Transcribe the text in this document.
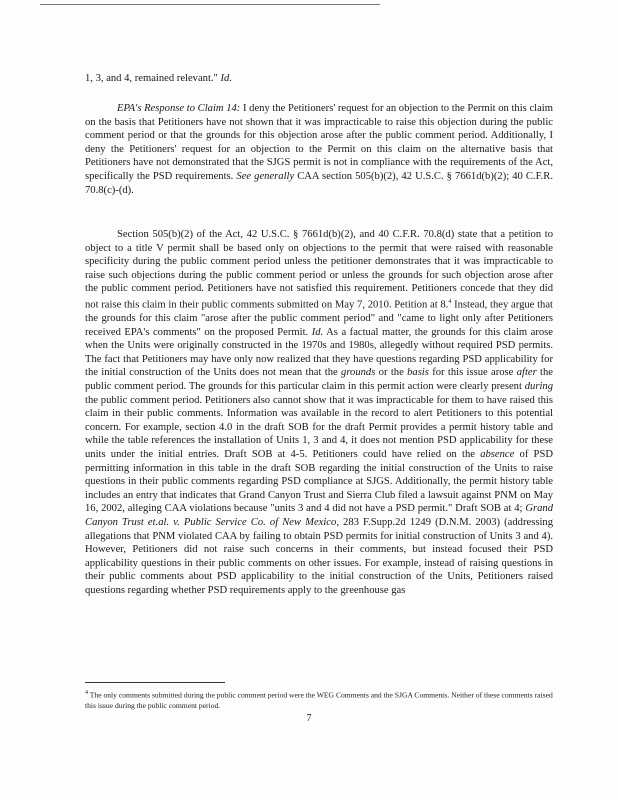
1, 3, and 4, remained relevant." Id.

EPA's Response to Claim 14: I deny the Petitioners' request for an objection to the Permit on this claim on the basis that Petitioners have not shown that it was impracticable to raise this objection during the public comment period or that the grounds for this objection arose after the public comment period. Additionally, I deny the Petitioners' request for an objection to the Permit on this claim on the alternative basis that Petitioners have not demonstrated that the SJGS permit is not in compliance with the requirements of the Act, specifically the PSD requirements. See generally CAA section 505(b)(2), 42 U.S.C. § 7661d(b)(2); 40 C.F.R. 70.8(c)-(d).

Section 505(b)(2) of the Act, 42 U.S.C. § 7661d(b)(2), and 40 C.F.R. 70.8(d) state that a petition to object to a title V permit shall be based only on objections to the permit that were raised with reasonable specificity during the public comment period unless the petitioner demonstrates that it was impracticable to raise such objections during the public comment period or unless the grounds for such objection arose after the public comment period. Petitioners have not satisfied this requirement. Petitioners concede that they did not raise this claim in their public comments submitted on May 7, 2010. Petition at 8.$^4$ Instead, they argue that the grounds for this claim "arose after the public comment period" and "came to light only after Petitioners received EPA's comments" on the proposed Permit. Id. As a factual matter, the grounds for this claim arose when the Units were originally constructed in the 1970s and 1980s, allegedly without required PSD permits. The fact that Petitioners may have only now realized that they have questions regarding PSD applicability for the initial construction of the Units does not mean that the grounds or the basis for this issue arose after the public comment period. The grounds for this particular claim in this permit action were clearly present during the public comment period. Petitioners also cannot show that it was impracticable for them to have raised this claim in their public comments. Information was available in the record to alert Petitioners to this potential concern. For example, section 4.0 in the draft SOB for the draft Permit provides a permit history table and while the table references the installation of Units 1, 3 and 4, it does not mention PSD applicability for these units under the initial entries. Draft SOB at 4-5. Petitioners could have relied on the absence of PSD permitting information in this table in the draft SOB regarding the initial construction of the Units to raise questions in their public comments regarding PSD compliance at SJGS. Additionally, the permit history table includes an entry that indicates that Grand Canyon Trust and Sierra Club filed a lawsuit against PNM on May 16, 2002, alleging CAA violations because "units 3 and 4 did not have a PSD permit." Draft SOB at 4; Grand Canyon Trust et.al. v. Public Service Co. of New Mexico, 283 F.Supp.2d 1249 (D.N.M. 2003) (addressing allegations that PNM violated CAA by failing to obtain PSD permits for initial construction of Units 3 and 4). However, Petitioners did not raise such concerns in their comments, but instead focused their PSD applicability questions in their public comments on other issues. For example, instead of raising questions in their public comments about PSD applicability to the initial construction of the Units, Petitioners raised questions regarding whether PSD requirements apply to the greenhouse gas

$^4$ The only comments submitted during the public comment period were the WEG Comments and the SJGA Comments. Neither of these comments raised this issue during the public comment period.

7
